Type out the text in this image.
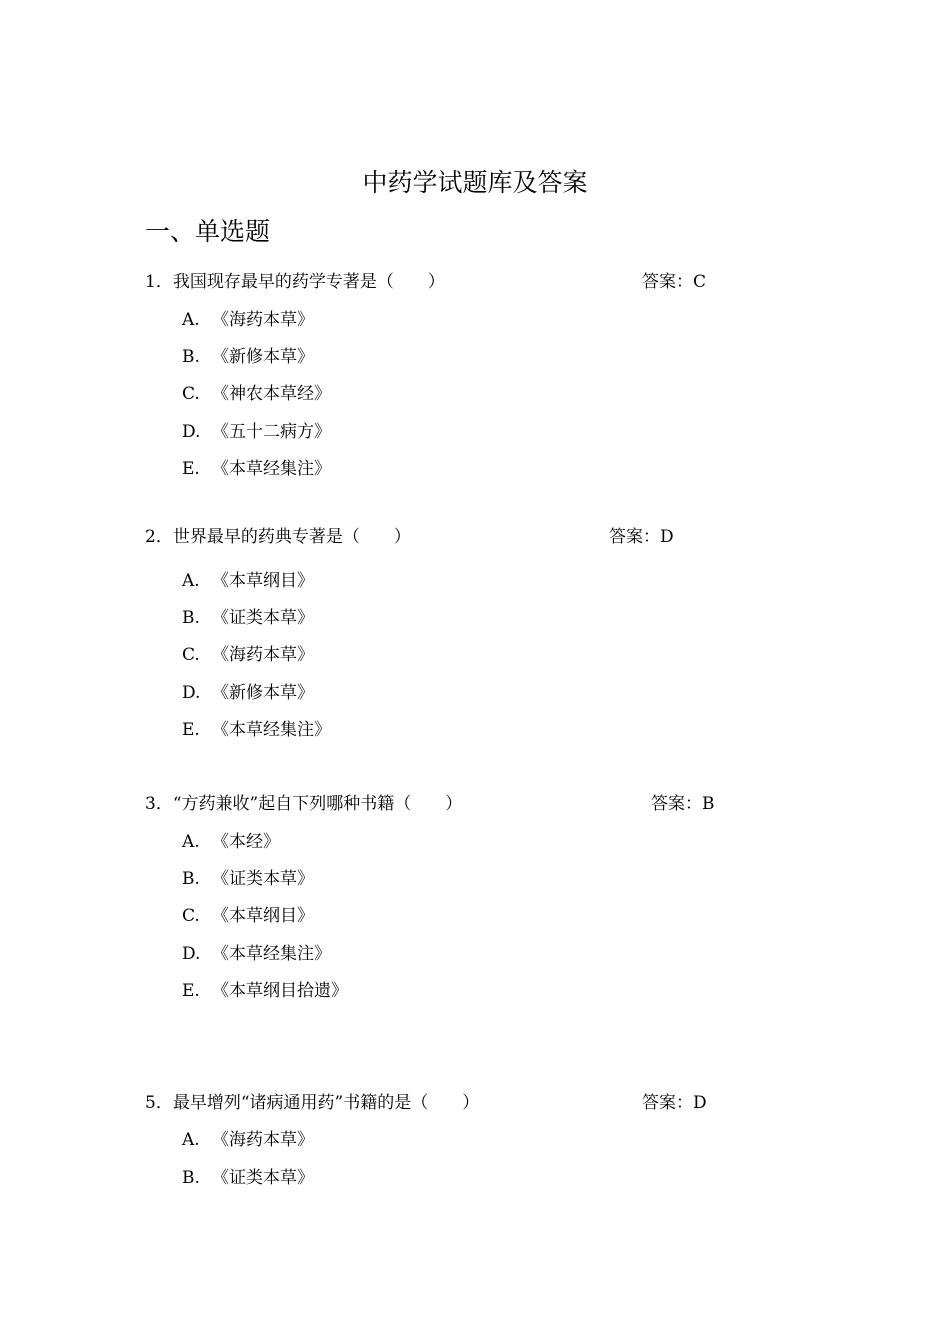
中药学试题库及答案
一、单选题
1．我国现存最早的药学专著是（　　）	答案：C
A. 《海药本草》
B. 《新修本草》
C. 《神农本草经》
D. 《五十二病方》
E. 《本草经集注》
2．世界最早的药典专著是（　　）	答案：D
A. 《本草纲目》
B. 《证类本草》
C. 《海药本草》
D. 《新修本草》
E. 《本草经集注》
3．“方药兼收”起自下列哪种书籍（　　）	答案：B
A. 《本经》
B. 《证类本草》
C. 《本草纲目》
D. 《本草经集注》
E. 《本草纲目拾遗》
5．最早增列“诸病通用药”书籍的是（　　）	答案：D
A. 《海药本草》
B. 《证类本草》
